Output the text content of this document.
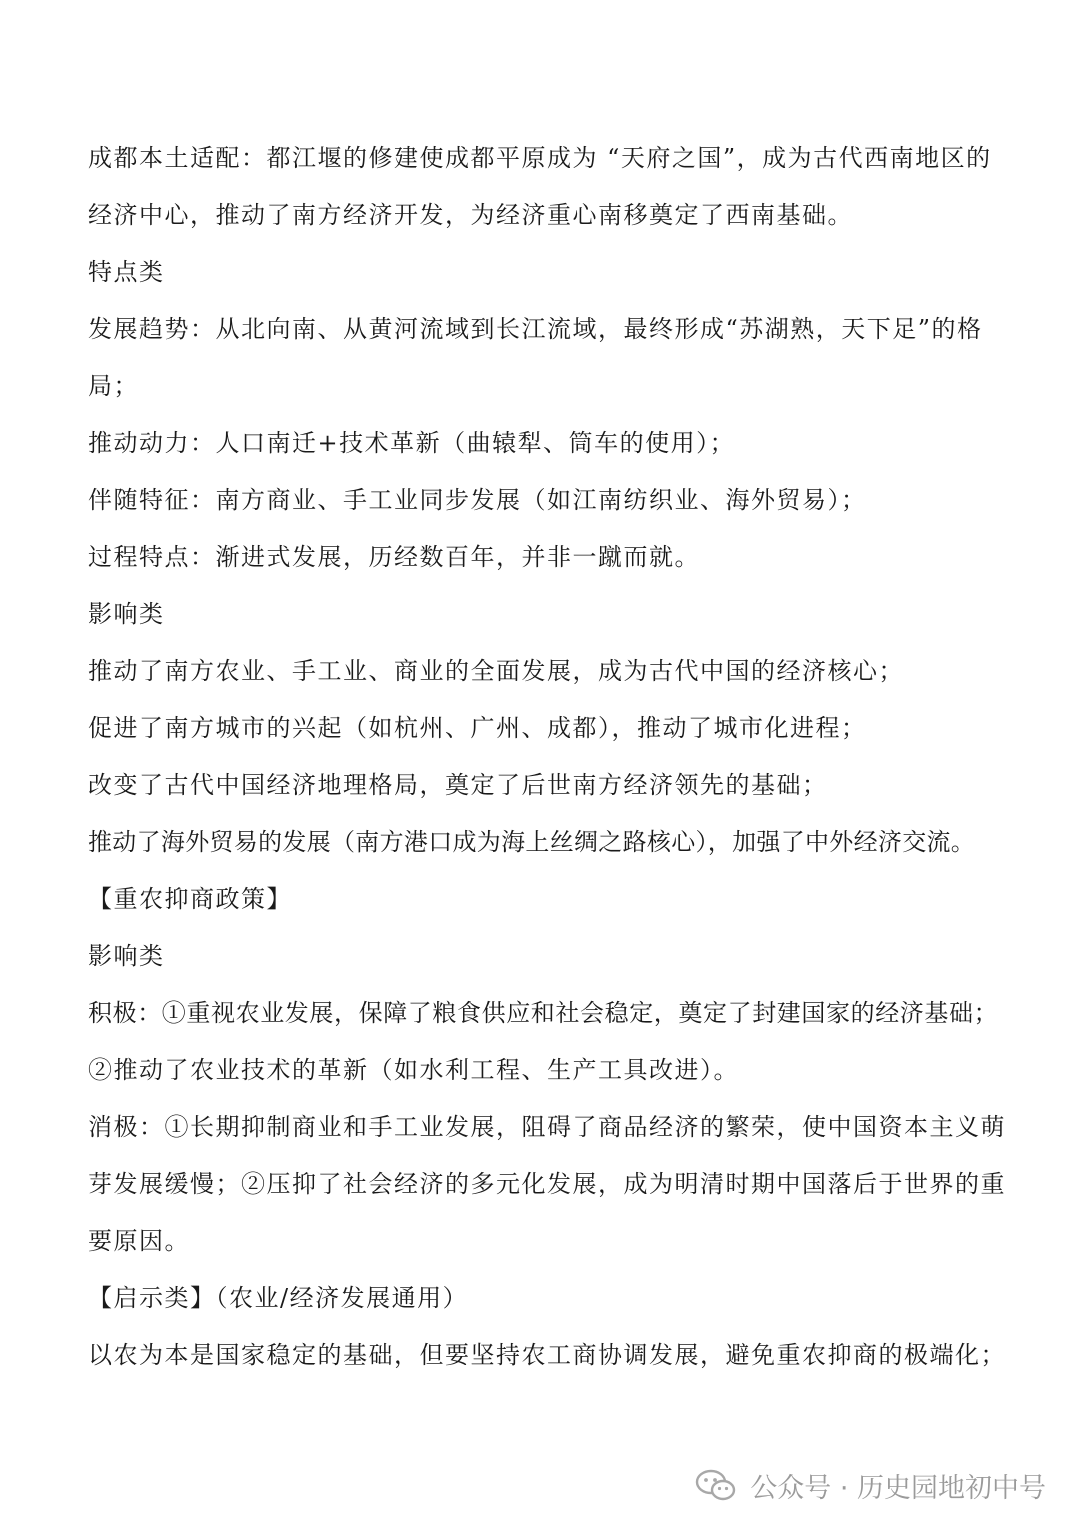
成都本土适配：都江堰的修建使成都平原成为 “天府之国”，成为古代西南地区的
经济中心，推动了南方经济开发，为经济重心南移奠定了西南基础。
特点类
发展趋势：从北向南、从黄河流域到长江流域，最终形成“苏湖熟，天下足”的格
局；
推动动力：人口南迁+技术革新（曲辕犁、筒车的使用）；
伴随特征：南方商业、手工业同步发展（如江南纺织业、海外贸易）；
过程特点：渐进式发展，历经数百年，并非一蹴而就。
影响类
推动了南方农业、手工业、商业的全面发展，成为古代中国的经济核心；
促进了南方城市的兴起（如杭州、广州、成都），推动了城市化进程；
改变了古代中国经济地理格局，奠定了后世南方经济领先的基础；
推动了海外贸易的发展（南方港口成为海上丝绸之路核心），加强了中外经济交流。
【重农抑商政策】
影响类
积极：①重视农业发展，保障了粮食供应和社会稳定，奠定了封建国家的经济基础；
②推动了农业技术的革新（如水利工程、生产工具改进）。
消极：①长期抑制商业和手工业发展，阻碍了商品经济的繁荣，使中国资本主义萌
芽发展缓慢；②压抑了社会经济的多元化发展，成为明清时期中国落后于世界的重
要原因。
【启示类】（农业/经济发展通用）
以农为本是国家稳定的基础，但要坚持农工商协调发展，避免重农抑商的极端化；
公众号 · 历史园地初中号
